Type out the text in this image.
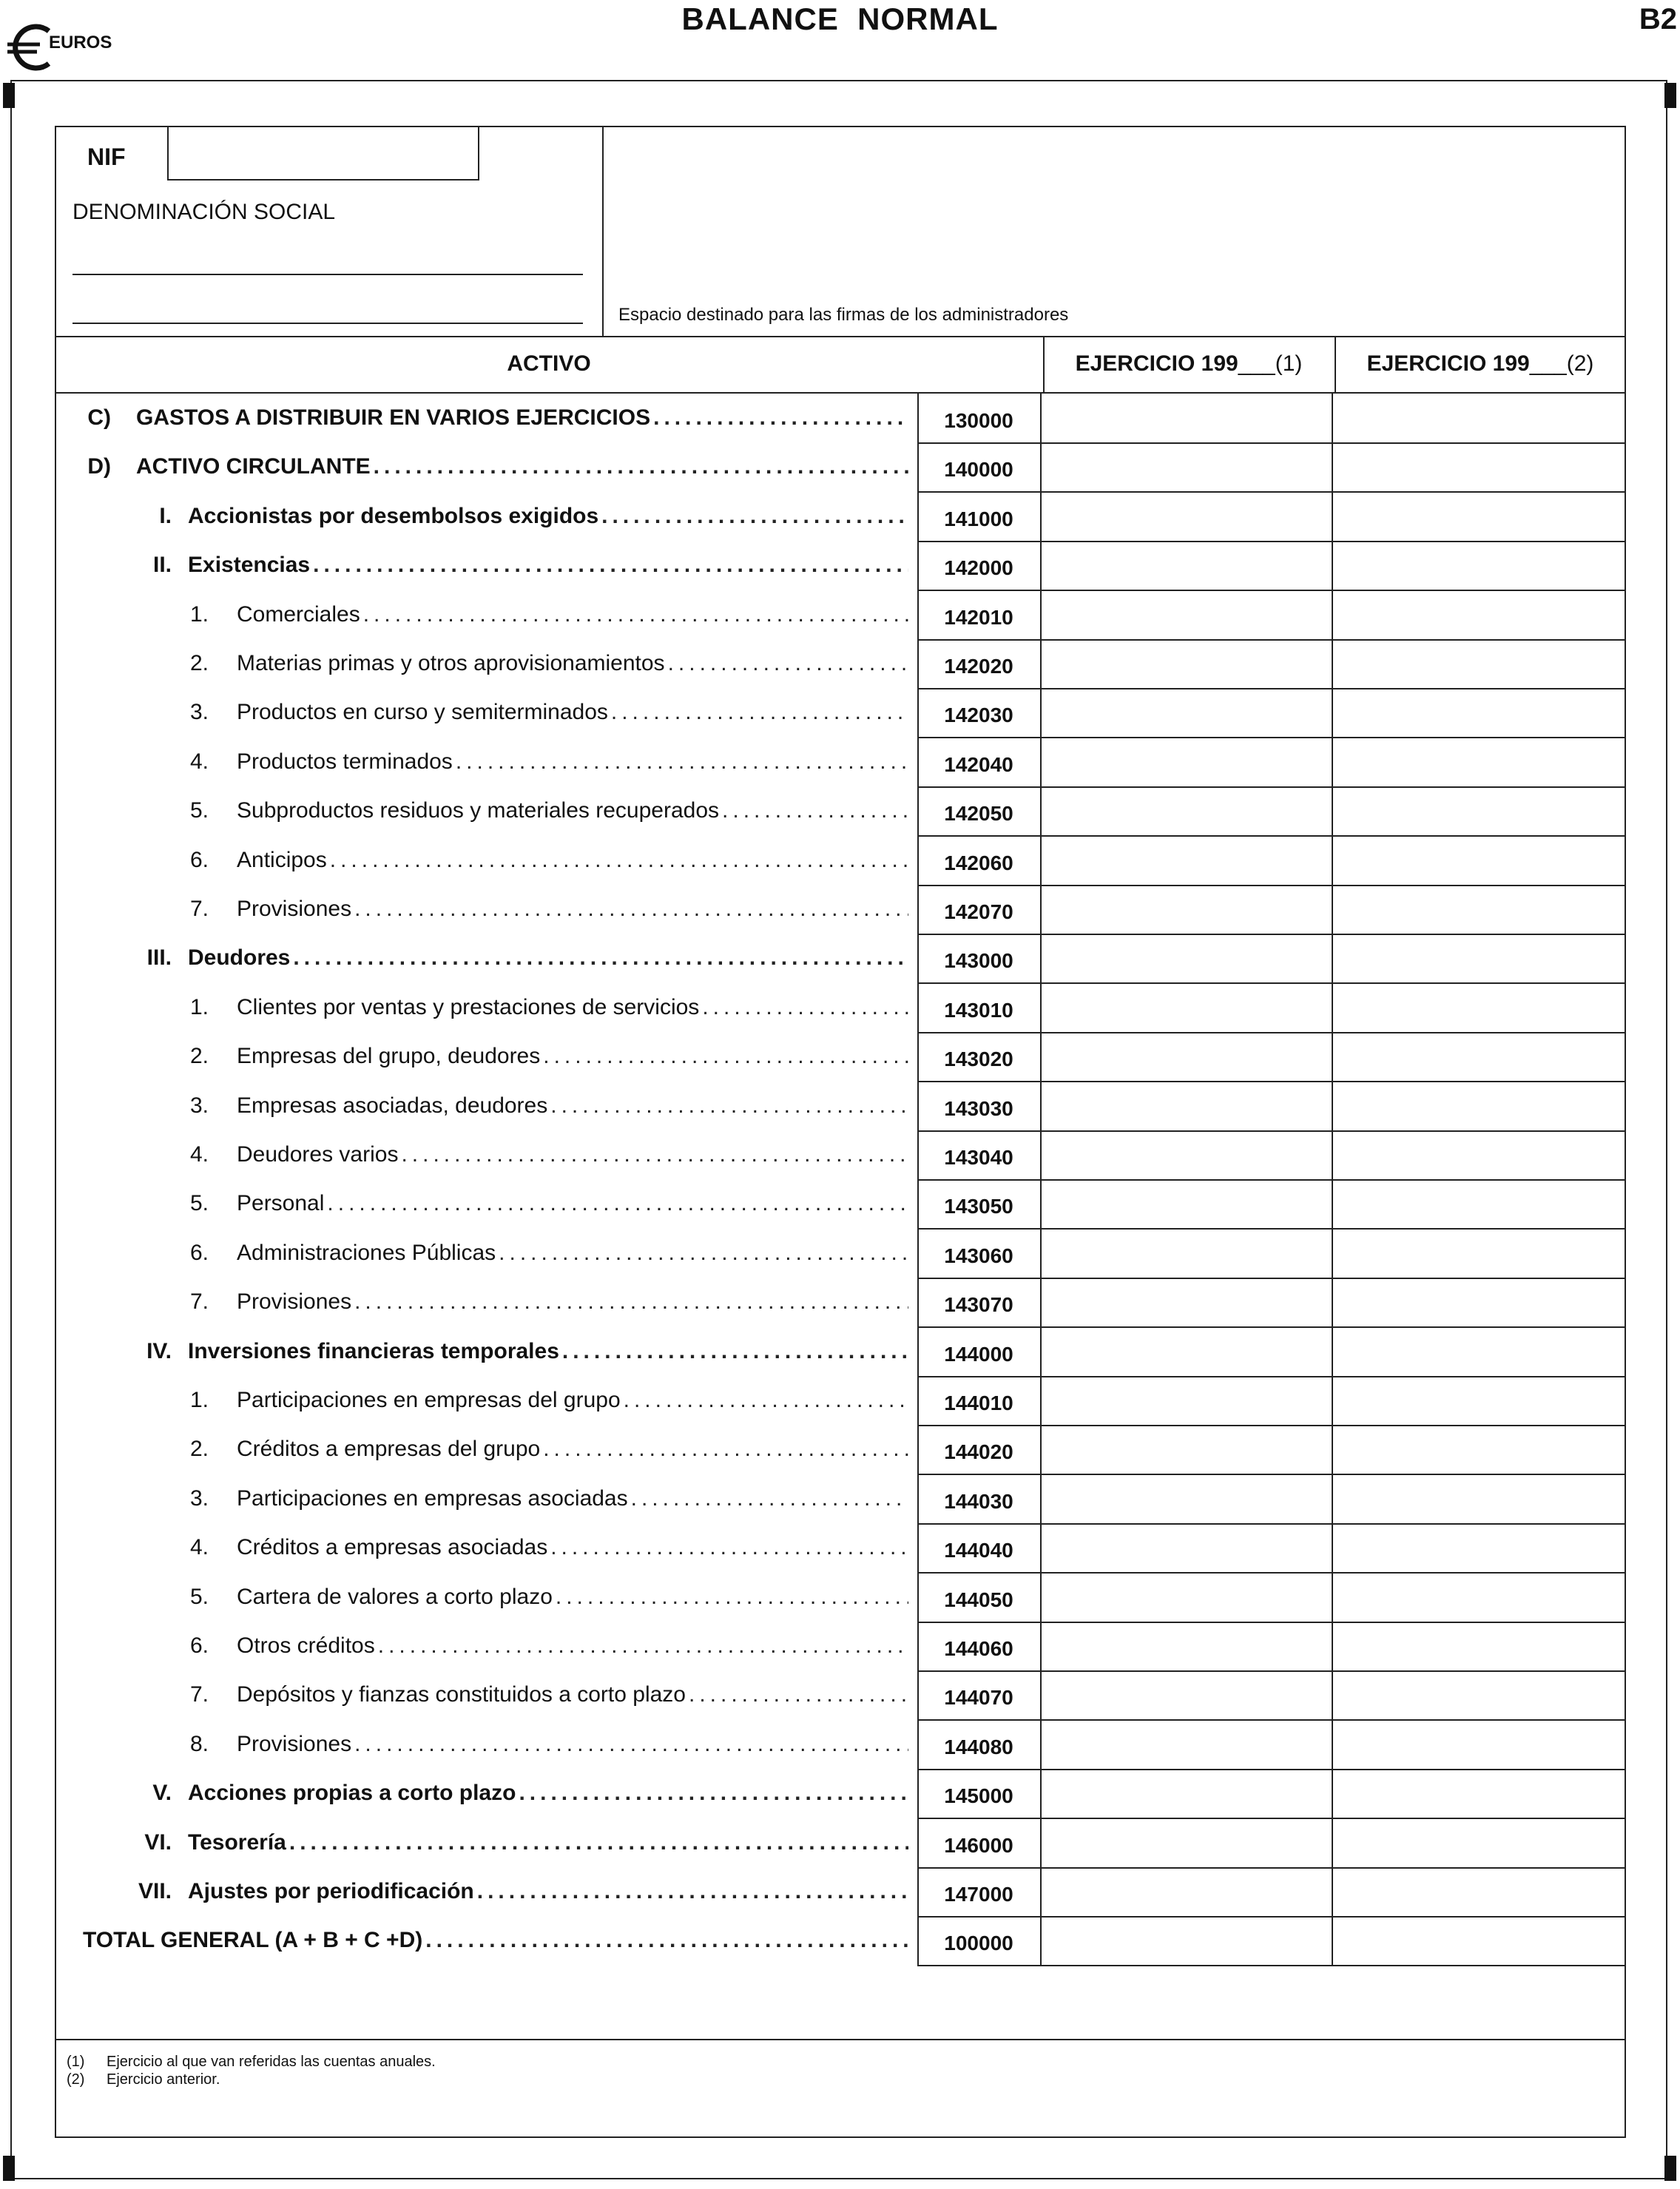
EUROS
BALANCE  NORMAL	B2
NIF
DENOMINACIÓN SOCIAL
Espacio destinado para las firmas de los administradores
ACTIVO	EJERCICIO 199___(1)	EJERCICIO 199___(2)
C) GASTOS A DISTRIBUIR EN VARIOS EJERCICIOS .....	130000
D) ACTIVO CIRCULANTE .....	140000
I. Accionistas por desembolsos exigidos .....	141000
II. Existencias .....	142000
1. Comerciales .....	142010
2. Materias primas y otros aprovisionamientos .....	142020
3. Productos en curso y semiterminados .....	142030
4. Productos terminados .....	142040
5. Subproductos residuos y materiales recuperados .....	142050
6. Anticipos .....	142060
7. Provisiones .....	142070
III. Deudores .....	143000
1. Clientes por ventas y prestaciones de servicios .....	143010
2. Empresas del grupo, deudores .....	143020
3. Empresas asociadas, deudores .....	143030
4. Deudores varios .....	143040
5. Personal .....	143050
6. Administraciones Públicas .....	143060
7. Provisiones .....	143070
IV. Inversiones financieras temporales .....	144000
1. Participaciones en empresas del grupo .....	144010
2. Créditos a empresas del grupo .....	144020
3. Participaciones en empresas asociadas .....	144030
4. Créditos a empresas asociadas .....	144040
5. Cartera de valores a corto plazo .....	144050
6. Otros créditos .....	144060
7. Depósitos y fianzas constituidos a corto plazo .....	144070
8. Provisiones .....	144080
V. Acciones propias a corto plazo .....	145000
VI. Tesorería .....	146000
VII. Ajustes por periodificación .....	147000
TOTAL GENERAL (A + B + C +D) .....	100000
(1) Ejercicio al que van referidas las cuentas anuales.
(2) Ejercicio anterior.
